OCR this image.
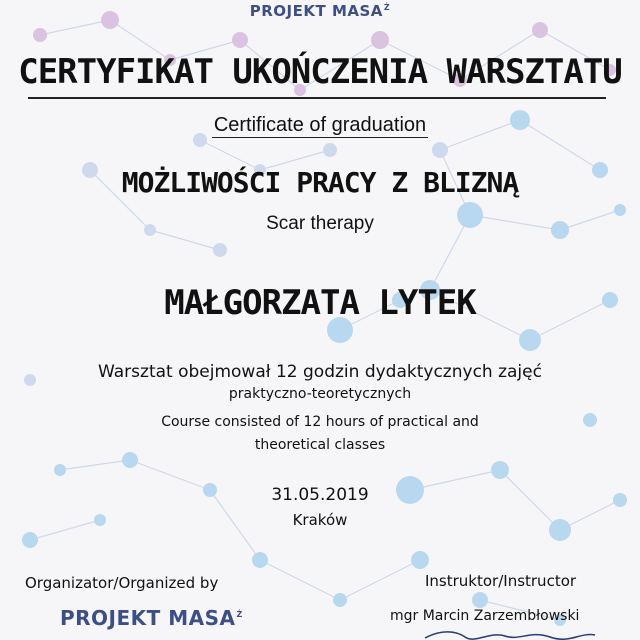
PROJEKT $MASA^Ż$
CERTYFIKAT UKOŃCZENIA WARSZTATU
Certificate of graduation
MOŻLIWOŚCI PRACY Z BLIZNĄ
Scar therapy
MAŁGORZATA LYTEK
Warsztat obejmował 12 godzin dydaktycznych zajęć
praktyczno-teoretycznych
Course consisted of 12 hours of practical and
theoretical classes
31.05.2019
Kraków
Organizator/Organized by	Instruktor/Instructor
PROJEKT $MASA^Ż$	mgr Marcin Zarzembłowski
